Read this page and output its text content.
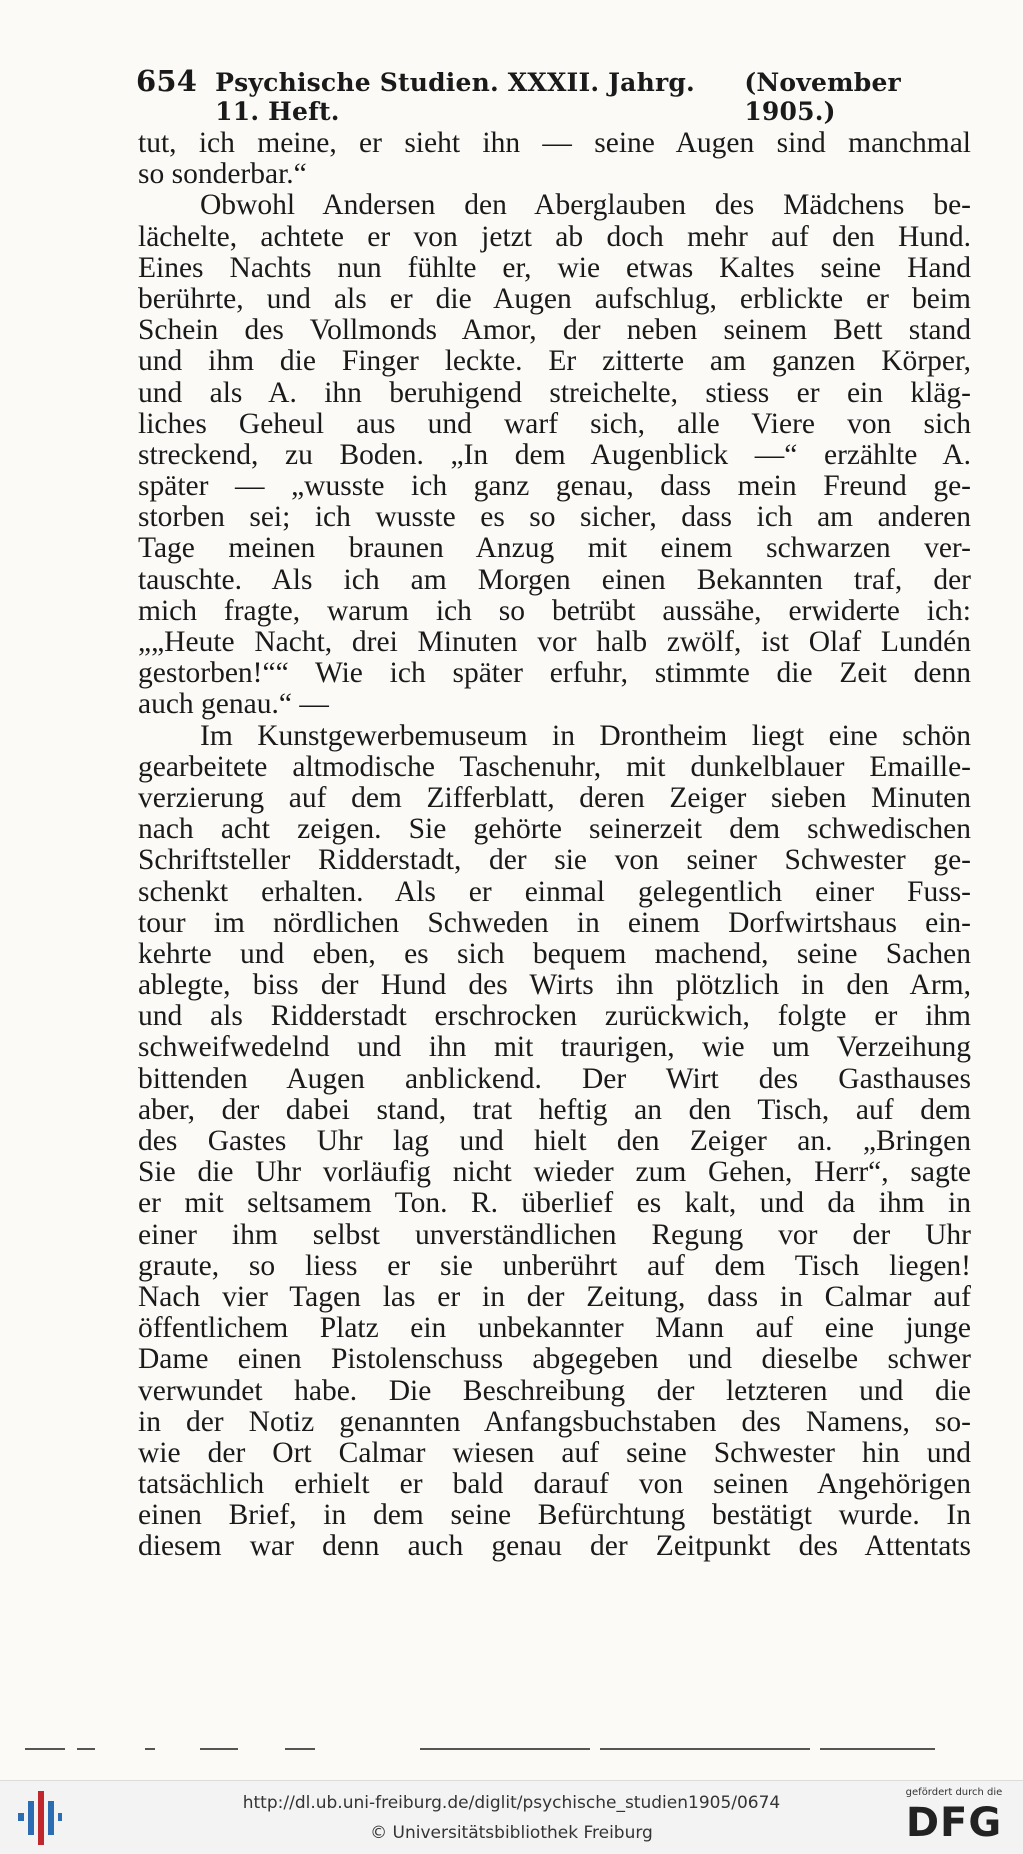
654 Psychische Studien. XXXII. Jahrg. 11. Heft.
(November 1905.)
tut, ich meine, er sieht ihn — seine Augen sind manchmal
so sonderbar.“
Obwohl Andersen den Aberglauben des Mädchens be-
lächelte, achtete er von jetzt ab doch mehr auf den Hund.
Eines Nachts nun fühlte er, wie etwas Kaltes seine Hand
berührte, und als er die Augen aufschlug, erblickte er beim
Schein des Vollmonds Amor, der neben seinem Bett stand
und ihm die Finger leckte. Er zitterte am ganzen Körper,
und als A. ihn beruhigend streichelte, stiess er ein kläg-
liches Geheul aus und warf sich, alle Viere von sich
streckend, zu Boden. „In dem Augenblick —“ erzählte A.
später — „wusste ich ganz genau, dass mein Freund ge-
storben sei; ich wusste es so sicher, dass ich am anderen
Tage meinen braunen Anzug mit einem schwarzen ver-
tauschte. Als ich am Morgen einen Bekannten traf, der
mich fragte, warum ich so betrübt aussähe, erwiderte ich:
„„Heute Nacht, drei Minuten vor halb zwölf, ist Olaf Lundén
gestorben!““ Wie ich später erfuhr, stimmte die Zeit denn
auch genau.“ —
Im Kunstgewerbemuseum in Drontheim liegt eine schön
gearbeitete altmodische Taschenuhr, mit dunkelblauer Emaille-
verzierung auf dem Zifferblatt, deren Zeiger sieben Minuten
nach acht zeigen. Sie gehörte seinerzeit dem schwedischen
Schriftsteller Ridderstadt, der sie von seiner Schwester ge-
schenkt erhalten. Als er einmal gelegentlich einer Fuss-
tour im nördlichen Schweden in einem Dorfwirtshaus ein-
kehrte und eben, es sich bequem machend, seine Sachen
ablegte, biss der Hund des Wirts ihn plötzlich in den Arm,
und als Ridderstadt erschrocken zurückwich, folgte er ihm
schweifwedelnd und ihn mit traurigen, wie um Verzeihung
bittenden Augen anblickend. Der Wirt des Gasthauses
aber, der dabei stand, trat heftig an den Tisch, auf dem
des Gastes Uhr lag und hielt den Zeiger an. „Bringen
Sie die Uhr vorläufig nicht wieder zum Gehen, Herr“, sagte
er mit seltsamem Ton. R. überlief es kalt, und da ihm in
einer ihm selbst unverständlichen Regung vor der Uhr
graute, so liess er sie unberührt auf dem Tisch liegen!
Nach vier Tagen las er in der Zeitung, dass in Calmar auf
öffentlichem Platz ein unbekannter Mann auf eine junge
Dame einen Pistolenschuss abgegeben und dieselbe schwer
verwundet habe. Die Beschreibung der letzteren und die
in der Notiz genannten Anfangsbuchstaben des Namens, so-
wie der Ort Calmar wiesen auf seine Schwester hin und
tatsächlich erhielt er bald darauf von seinen Angehörigen
einen Brief, in dem seine Befürchtung bestätigt wurde. In
diesem war denn auch genau der Zeitpunkt des Attentats
http://dl.ub.uni-freiburg.de/diglit/psychische_studien1905/0674
© Universitätsbibliothek Freiburg
gefördert durch die
DFG
